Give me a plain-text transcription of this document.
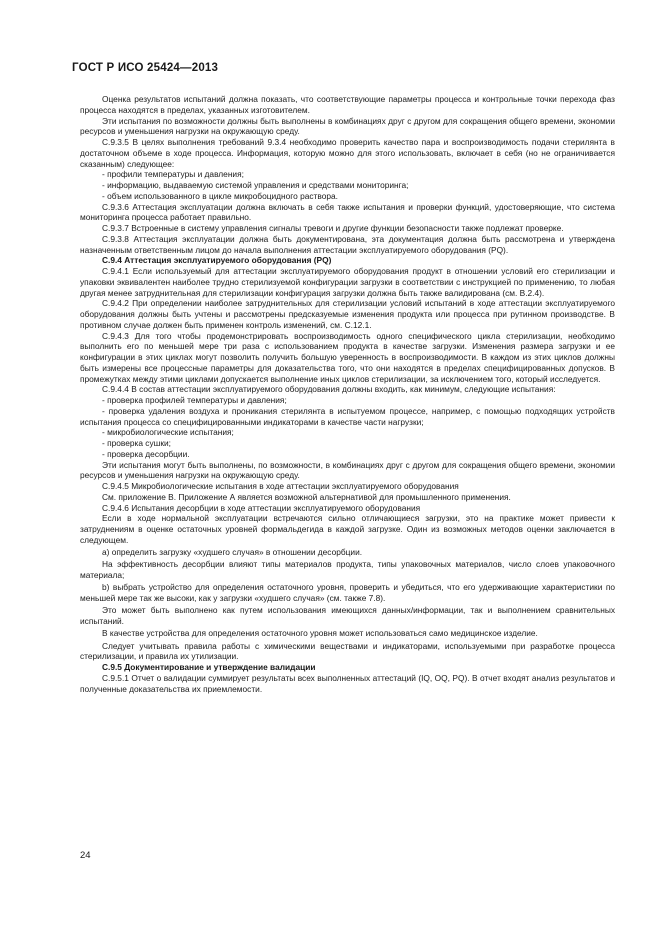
ГОСТ Р ИСО 25424—2013

Оценка результатов испытаний должна показать, что соответствующие параметры процесса и контрольные точки перехода фаз процесса находятся в пределах, указанных изготовителем.

Эти испытания по возможности должны быть выполнены в комбинациях друг с другом для сокращения общего времени, экономии ресурсов и уменьшения нагрузки на окружающую среду.

С.9.3.5 В целях выполнения требований 9.3.4 необходимо проверить качество пара и воспроизводимость подачи стерилянта в достаточном объеме в ходе процесса. Информация, которую можно для этого использовать, включает в себя (но не ограничивается сказанным) следующее:

- профили температуры и давления;

- информацию, выдаваемую системой управления и средствами мониторинга;

- объем использованного в цикле микробоцидного раствора.

С.9.3.6 Аттестация эксплуатации должна включать в себя также испытания и проверки функций, удостоверяющие, что система мониторинга процесса работает правильно.

С.9.3.7 Встроенные в систему управления сигналы тревоги и другие функции безопасности также подлежат проверке.

С.9.3.8 Аттестация эксплуатации должна быть документирована, эта документация должна быть рассмотрена и утверждена назначенным ответственным лицом до начала выполнения аттестации эксплуатируемого оборудования (PQ).

С.9.4 Аттестация эксплуатируемого оборудования (PQ)

С.9.4.1 Если используемый для аттестации эксплуатируемого оборудования продукт в отношении условий его стерилизации и упаковки эквивалентен наиболее трудно стерилизуемой конфигурации загрузки в соответствии с инструкцией по применению, то любая другая менее затруднительная для стерилизации конфигурация загрузки должна быть также валидирована (см. В.2.4).

С.9.4.2 При определении наиболее затруднительных для стерилизации условий испытаний в ходе аттестации эксплуатируемого оборудования должны быть учтены и рассмотрены предсказуемые изменения продукта или процесса при рутинном производстве. В противном случае должен быть применен контроль изменений, см. С.12.1.

С.9.4.3 Для того чтобы продемонстрировать воспроизводимость одного специфического цикла стерилизации, необходимо выполнить его по меньшей мере три раза с использованием продукта в качестве загрузки. Изменения размера загрузки и ее конфигурации в этих циклах могут позволить получить большую уверенность в воспроизводимости. В каждом из этих циклов должны быть измерены все процессные параметры для доказательства того, что они находятся в пределах специфицированных допусков. В промежутках между этими циклами допускается выполнение иных циклов стерилизации, за исключением того, который исследуется.

С.9.4.4 В состав аттестации эксплуатируемого оборудования должны входить, как минимум, следующие испытания:

- проверка профилей температуры и давления;

- проверка удаления воздуха и проникания стерилянта в испытуемом процессе, например, с помощью подходящих устройств испытания процесса со специфицированными индикаторами в качестве части нагрузки;

- микробиологические испытания;

- проверка сушки;

- проверка десорбции.

Эти испытания могут быть выполнены, по возможности, в комбинациях друг с другом для сокращения общего времени, экономии ресурсов и уменьшения нагрузки на окружающую среду.

С.9.4.5 Микробиологические испытания в ходе аттестации эксплуатируемого оборудования

См. приложение В. Приложение А является возможной альтернативой для промышленного применения.

С.9.4.6 Испытания десорбции в ходе аттестации эксплуатируемого оборудования

Если в ходе нормальной эксплуатации встречаются сильно отличающиеся загрузки, это на практике может привести к затруднениям в оценке остаточных уровней формальдегида в каждой загрузке. Один из возможных методов оценки заключается в следующем.

a) определить загрузку «худшего случая» в отношении десорбции.

На эффективность десорбции влияют типы материалов продукта, типы упаковочных материалов, число слоев упаковочного материала;

b) выбрать устройство для определения остаточного уровня, проверить и убедиться, что его удерживающие характеристики по меньшей мере так же высоки, как у загрузки «худшего случая» (см. также 7.8).

Это может быть выполнено как путем использования имеющихся данных/информации, так и выполнением сравнительных испытаний.

В качестве устройства для определения остаточного уровня может использоваться само медицинское изделие.

Следует учитывать правила работы с химическими веществами и индикаторами, используемыми при разработке процесса стерилизации, и правила их утилизации.

С.9.5 Документирование и утверждение валидации

С.9.5.1 Отчет о валидации суммирует результаты всех выполненных аттестаций (IQ, OQ, PQ). В отчет входят анализ результатов и полученные доказательства их приемлемости.

24
